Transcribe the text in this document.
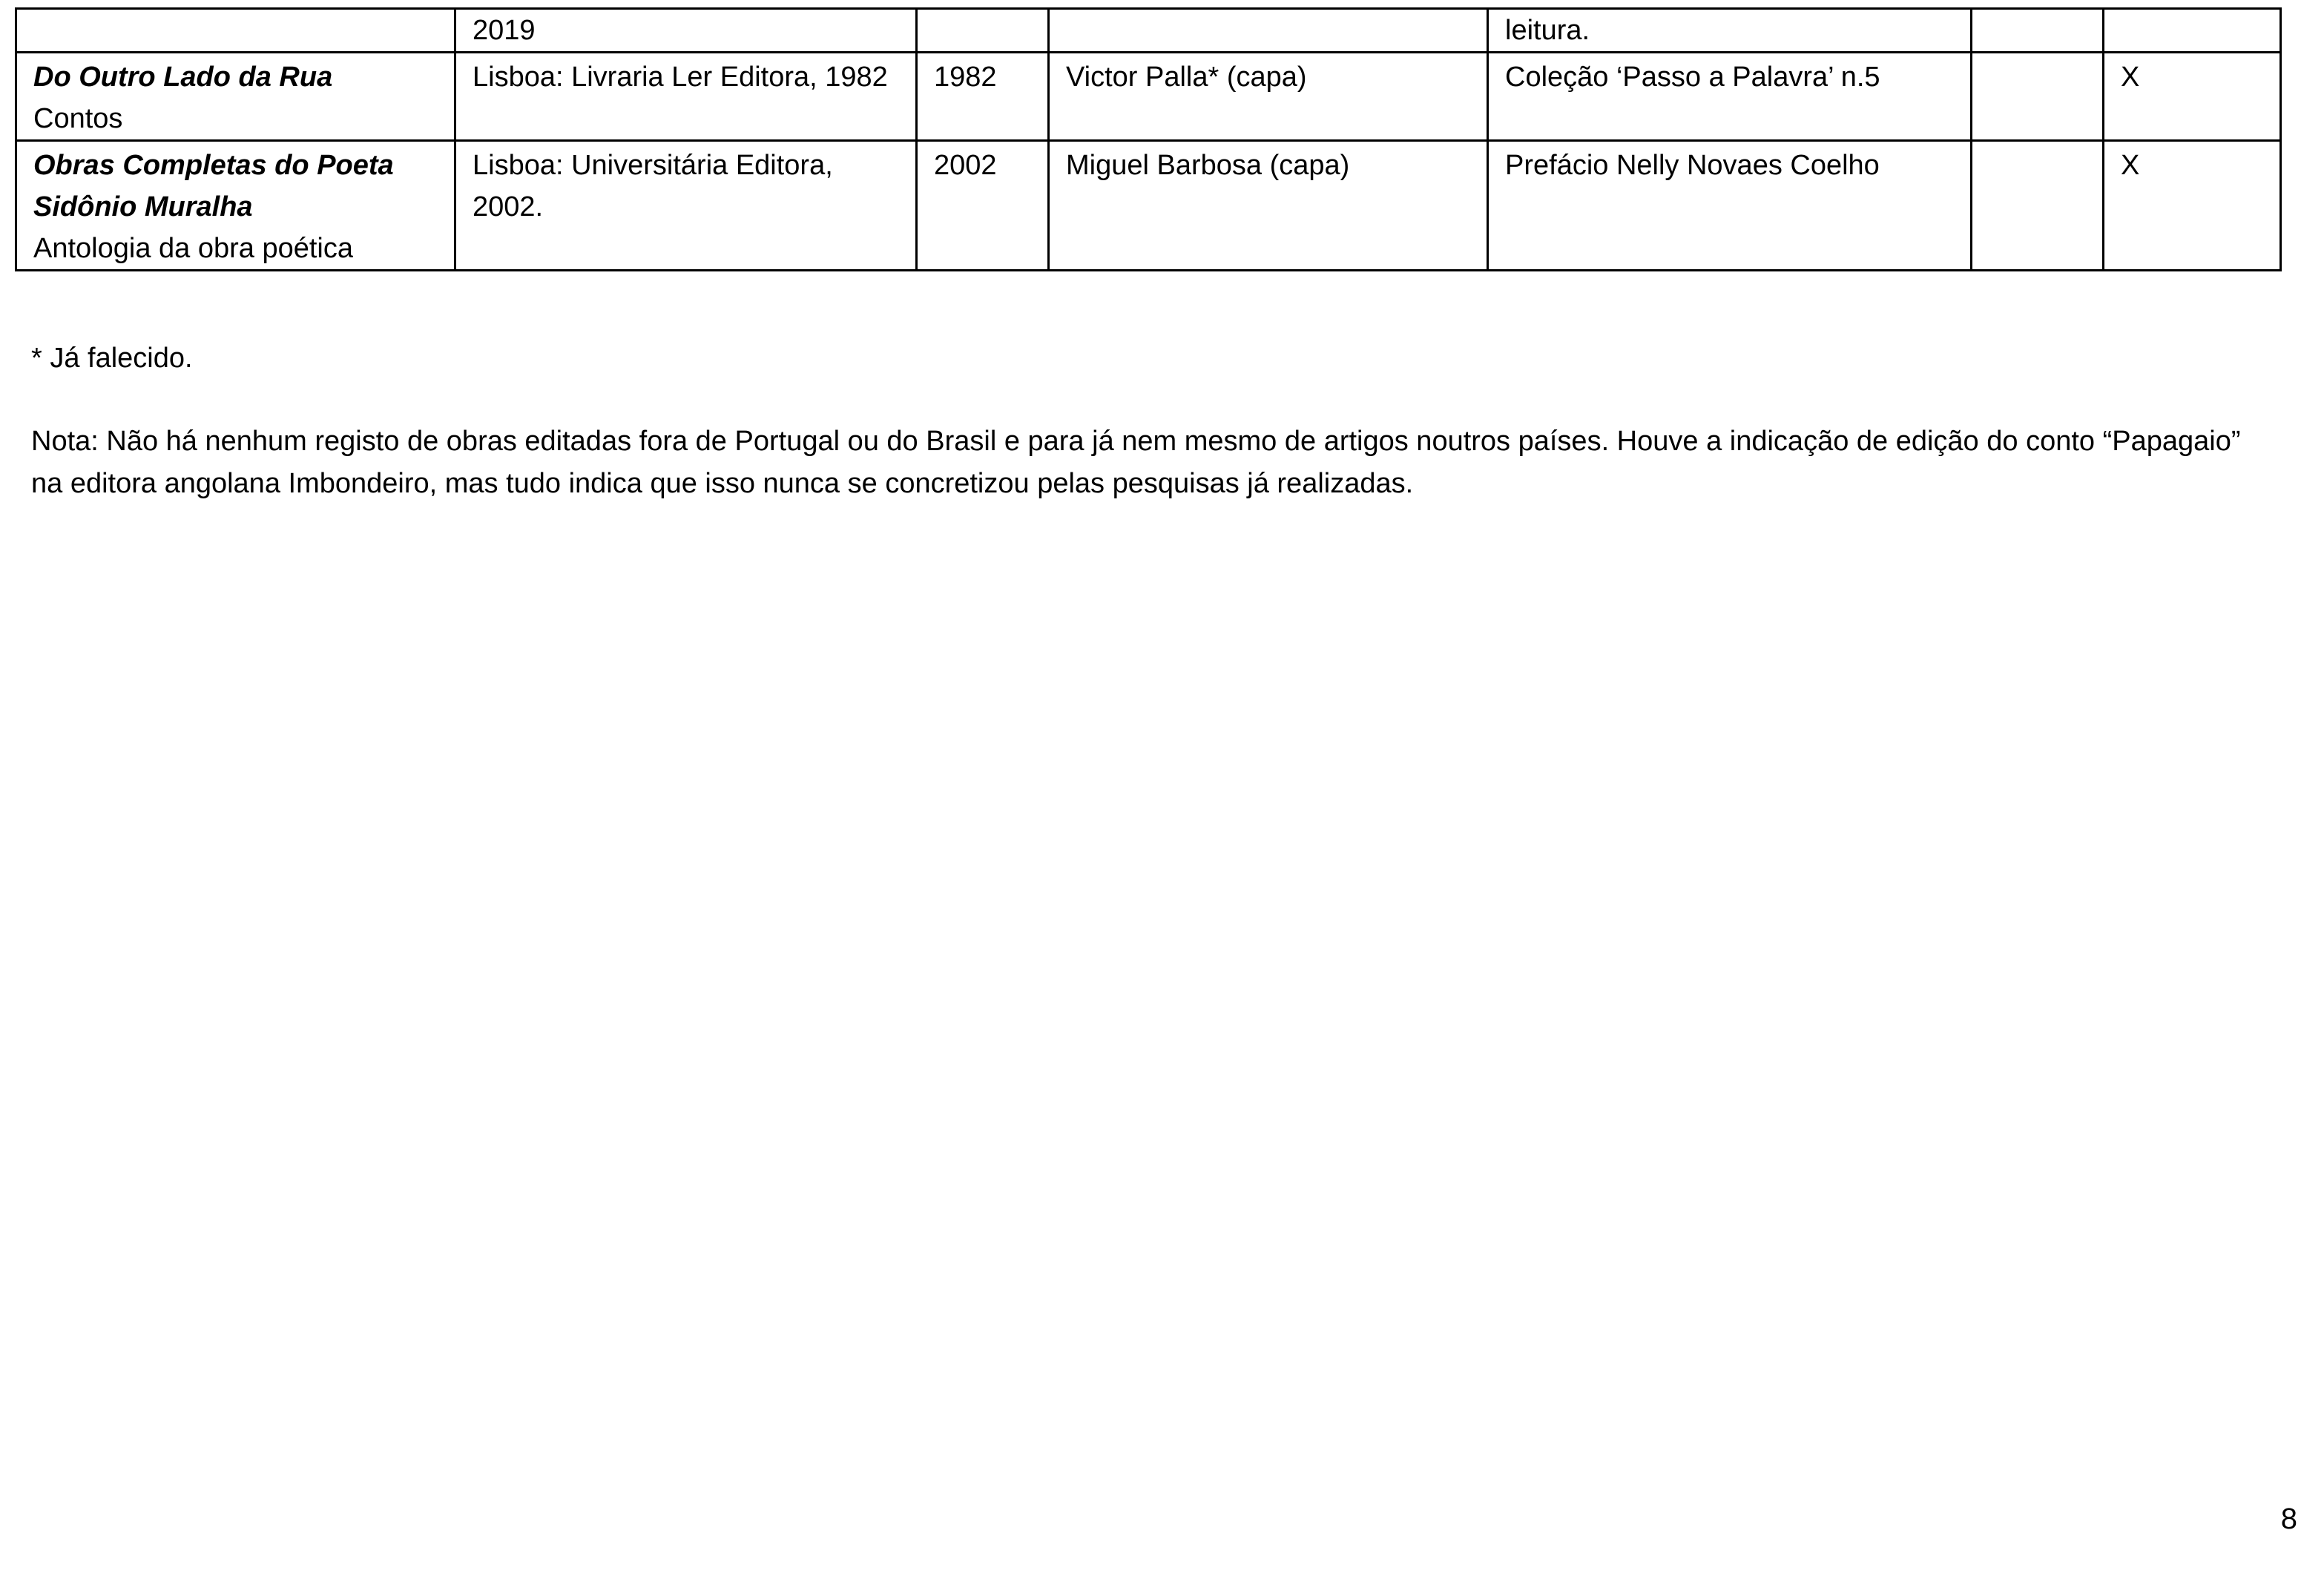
	2019			leitura.		

Do Outro Lado da Rua
Contos	Lisboa: Livraria Ler Editora, 1982	1982	Victor Palla* (capa)	Coleção ‘Passo a Palavra’ n.5		X

Obras Completas do Poeta Sidônio Muralha
Antologia da obra poética	Lisboa: Universitária Editora, 2002.	2002	Miguel Barbosa (capa)	Prefácio Nelly Novaes Coelho		X

* Já falecido.

Nota: Não há nenhum registo de obras editadas fora de Portugal ou do Brasil e para já nem mesmo de artigos noutros países. Houve a indicação de edição do conto “Papagaio” na editora angolana Imbondeiro, mas tudo indica que isso nunca se concretizou pelas pesquisas já realizadas.

8
